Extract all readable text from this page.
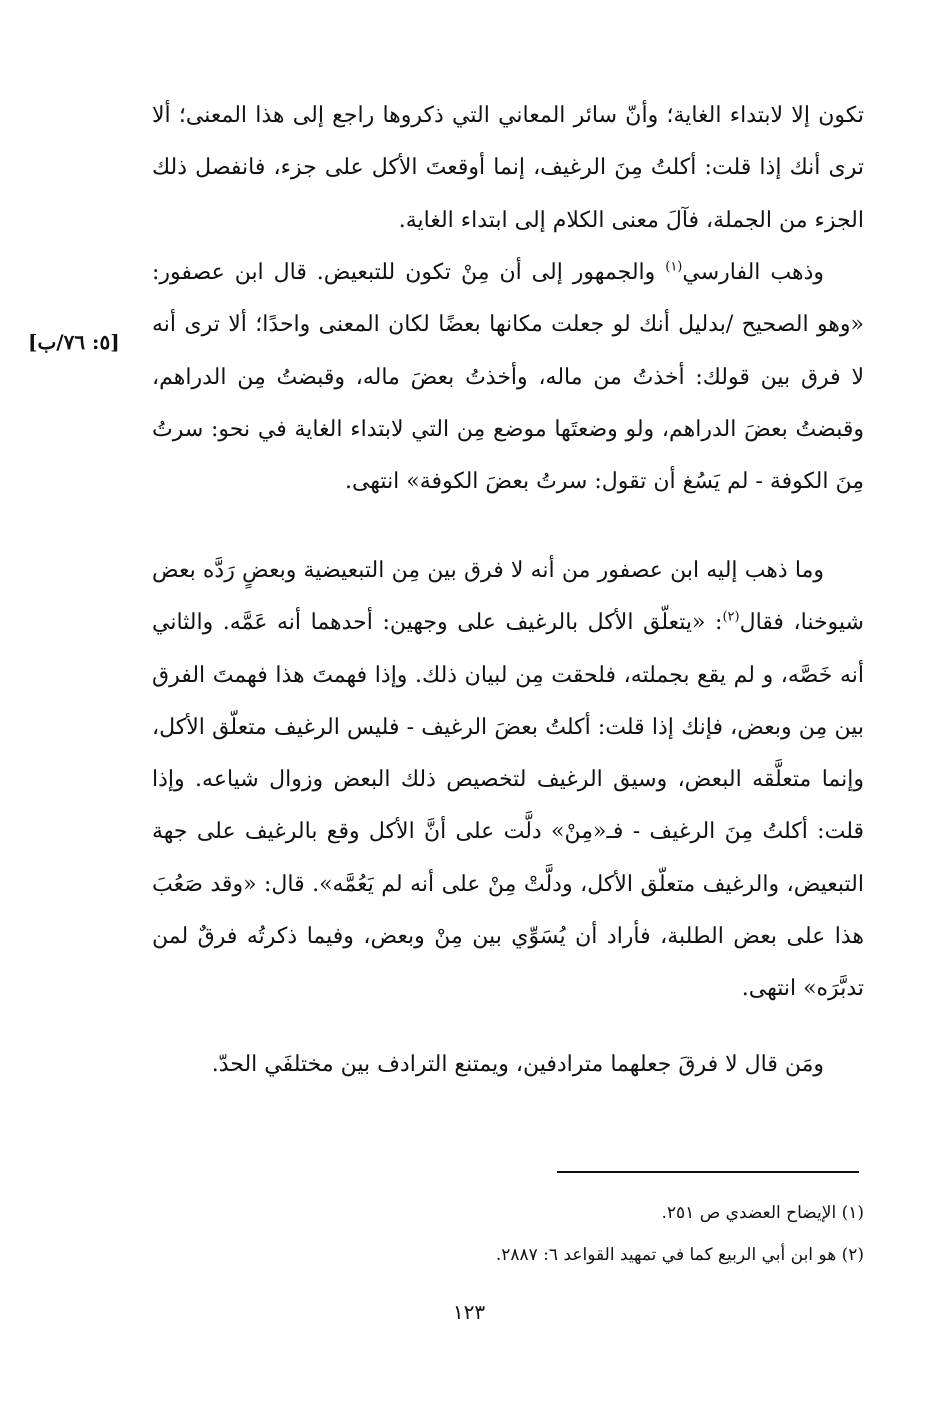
تكون إلا لابتداء الغاية؛ وأنّ سائر المعاني التي ذكروها راجع إلى هذا المعنى؛ ألا ترى أنك إذا قلت: أكلتُ مِنَ الرغيف، إنما أوقعتَ الأكل على جزء، فانفصل ذلك الجزء من الجملة، فآلَ معنى الكلام إلى ابتداء الغاية.

وذهب الفارسي$^{(١)}$ والجمهور إلى أن مِنْ تكون للتبعيض. قال ابن عصفور: «وهو الصحيح /بدليل أنك لو جعلت مكانها بعضًا لكان المعنى واحدًا؛ ألا ترى أنه لا فرق بين قولك: أخذتُ من ماله، وأخذتُ بعضَ ماله، وقبضتُ مِن الدراهم، وقبضتُ بعضَ الدراهم، ولو وضعتَها موضع مِن التي لابتداء الغاية في نحو: سرتُ مِنَ الكوفة - لم يَسُغ أن تقول: سرتُ بعضَ الكوفة» انتهى.

[٥: ٧٦/ب]

وما ذهب إليه ابن عصفور من أنه لا فرق بين مِن التبعيضية وبعضٍ رَدَّه بعض شيوخنا، فقال$^{(٢)}$: «يتعلّق الأكل بالرغيف على وجهين: أحدهما أنه عَمَّه. والثاني أنه خَصَّه، و لم يقع بجملته، فلحقت مِن لبيان ذلك. وإذا فهمتَ هذا فهمتَ الفرق بين مِن وبعض، فإنك إذا قلت: أكلتُ بعضَ الرغيف - فليس الرغيف متعلّق الأكل، وإنما متعلَّقه البعض، وسيق الرغيف لتخصيص ذلك البعض وزوال شياعه. وإذا قلت: أكلتُ مِنَ الرغيف - فـ«مِنْ» دلَّت على أنَّ الأكل وقع بالرغيف على جهة التبعيض، والرغيف متعلّق الأكل، ودلَّتْ مِنْ على أنه لم يَعُمَّه». قال: «وقد صَعُبَ هذا على بعض الطلبة، فأراد أن يُسَوِّي بين مِنْ وبعض، وفيما ذكرتُه فرقٌ لمن تدبَّرَه» انتهى.

ومَن قال لا فرقَ جعلهما مترادفين، ويمتنع الترادف بين مختلفَي الحدّ.

(١) الإيضاح العضدي ص ٢٥١.

(٢) هو ابن أبي الربيع كما في تمهيد القواعد ٦: ٢٨٨٧.

١٢٣
